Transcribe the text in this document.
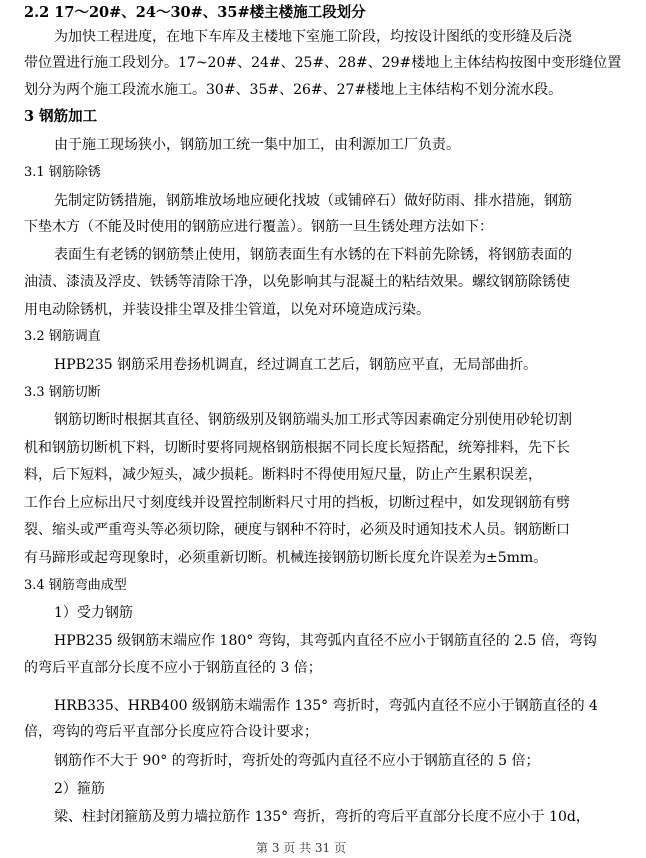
2.2 17～20#、24～30#、35#楼主楼施工段划分
为加快工程进度，在地下车库及主楼地下室施工阶段，均按设计图纸的变形缝及后浇
带位置进行施工段划分。17~20#、24#、25#、28#、29#楼地上主体结构按图中变形缝位置
划分为两个施工段流水施工。30#、35#、26#、27#楼地上主体结构不划分流水段。
3 钢筋加工
由于施工现场狭小，钢筋加工统一集中加工，由利源加工厂负责。
3.1 钢筋除锈
先制定防锈措施，钢筋堆放场地应硬化找坡（或铺碎石）做好防雨、排水措施，钢筋
下垫木方（不能及时使用的钢筋应进行覆盖）。钢筋一旦生锈处理方法如下：
表面生有老锈的钢筋禁止使用，钢筋表面生有水锈的在下料前先除锈，将钢筋表面的
油渍、漆渍及浮皮、铁锈等清除干净，以免影响其与混凝土的粘结效果。螺纹钢筋除锈使
用电动除锈机，并装设排尘罩及排尘管道，以免对环境造成污染。
3.2 钢筋调直
HPB235 钢筋采用卷扬机调直，经过调直工艺后，钢筋应平直，无局部曲折。
3.3 钢筋切断
钢筋切断时根据其直径、钢筋级别及钢筋端头加工形式等因素确定分别使用砂轮切割
机和钢筋切断机下料，切断时要将同规格钢筋根据不同长度长短搭配，统筹排料，先下长
料，后下短料，减少短头，减少损耗。断料时不得使用短尺量，防止产生累积误差，
工作台上应标出尺寸刻度线并设置控制断料尺寸用的挡板，切断过程中，如发现钢筋有劈
裂、缩头或严重弯头等必须切除，硬度与钢种不符时，必须及时通知技术人员。钢筋断口
有马蹄形或起弯现象时，必须重新切断。机械连接钢筋切断长度允许误差为±5mm。
3.4 钢筋弯曲成型
1）受力钢筋
HPB235 级钢筋末端应作 180° 弯钩，其弯弧内直径不应小于钢筋直径的 2.5 倍，弯钩
的弯后平直部分长度不应小于钢筋直径的 3 倍；
HRB335、HRB400 级钢筋末端需作 135° 弯折时，弯弧内直径不应小于钢筋直径的 4
倍，弯钩的弯后平直部分长度应符合设计要求；
钢筋作不大于 90° 的弯折时，弯折处的弯弧内直径不应小于钢筋直径的 5 倍；
2）箍筋
梁、柱封闭箍筋及剪力墙拉筋作 135° 弯折，弯折的弯后平直部分长度不应小于 10d，
第 3 页 共 31 页
